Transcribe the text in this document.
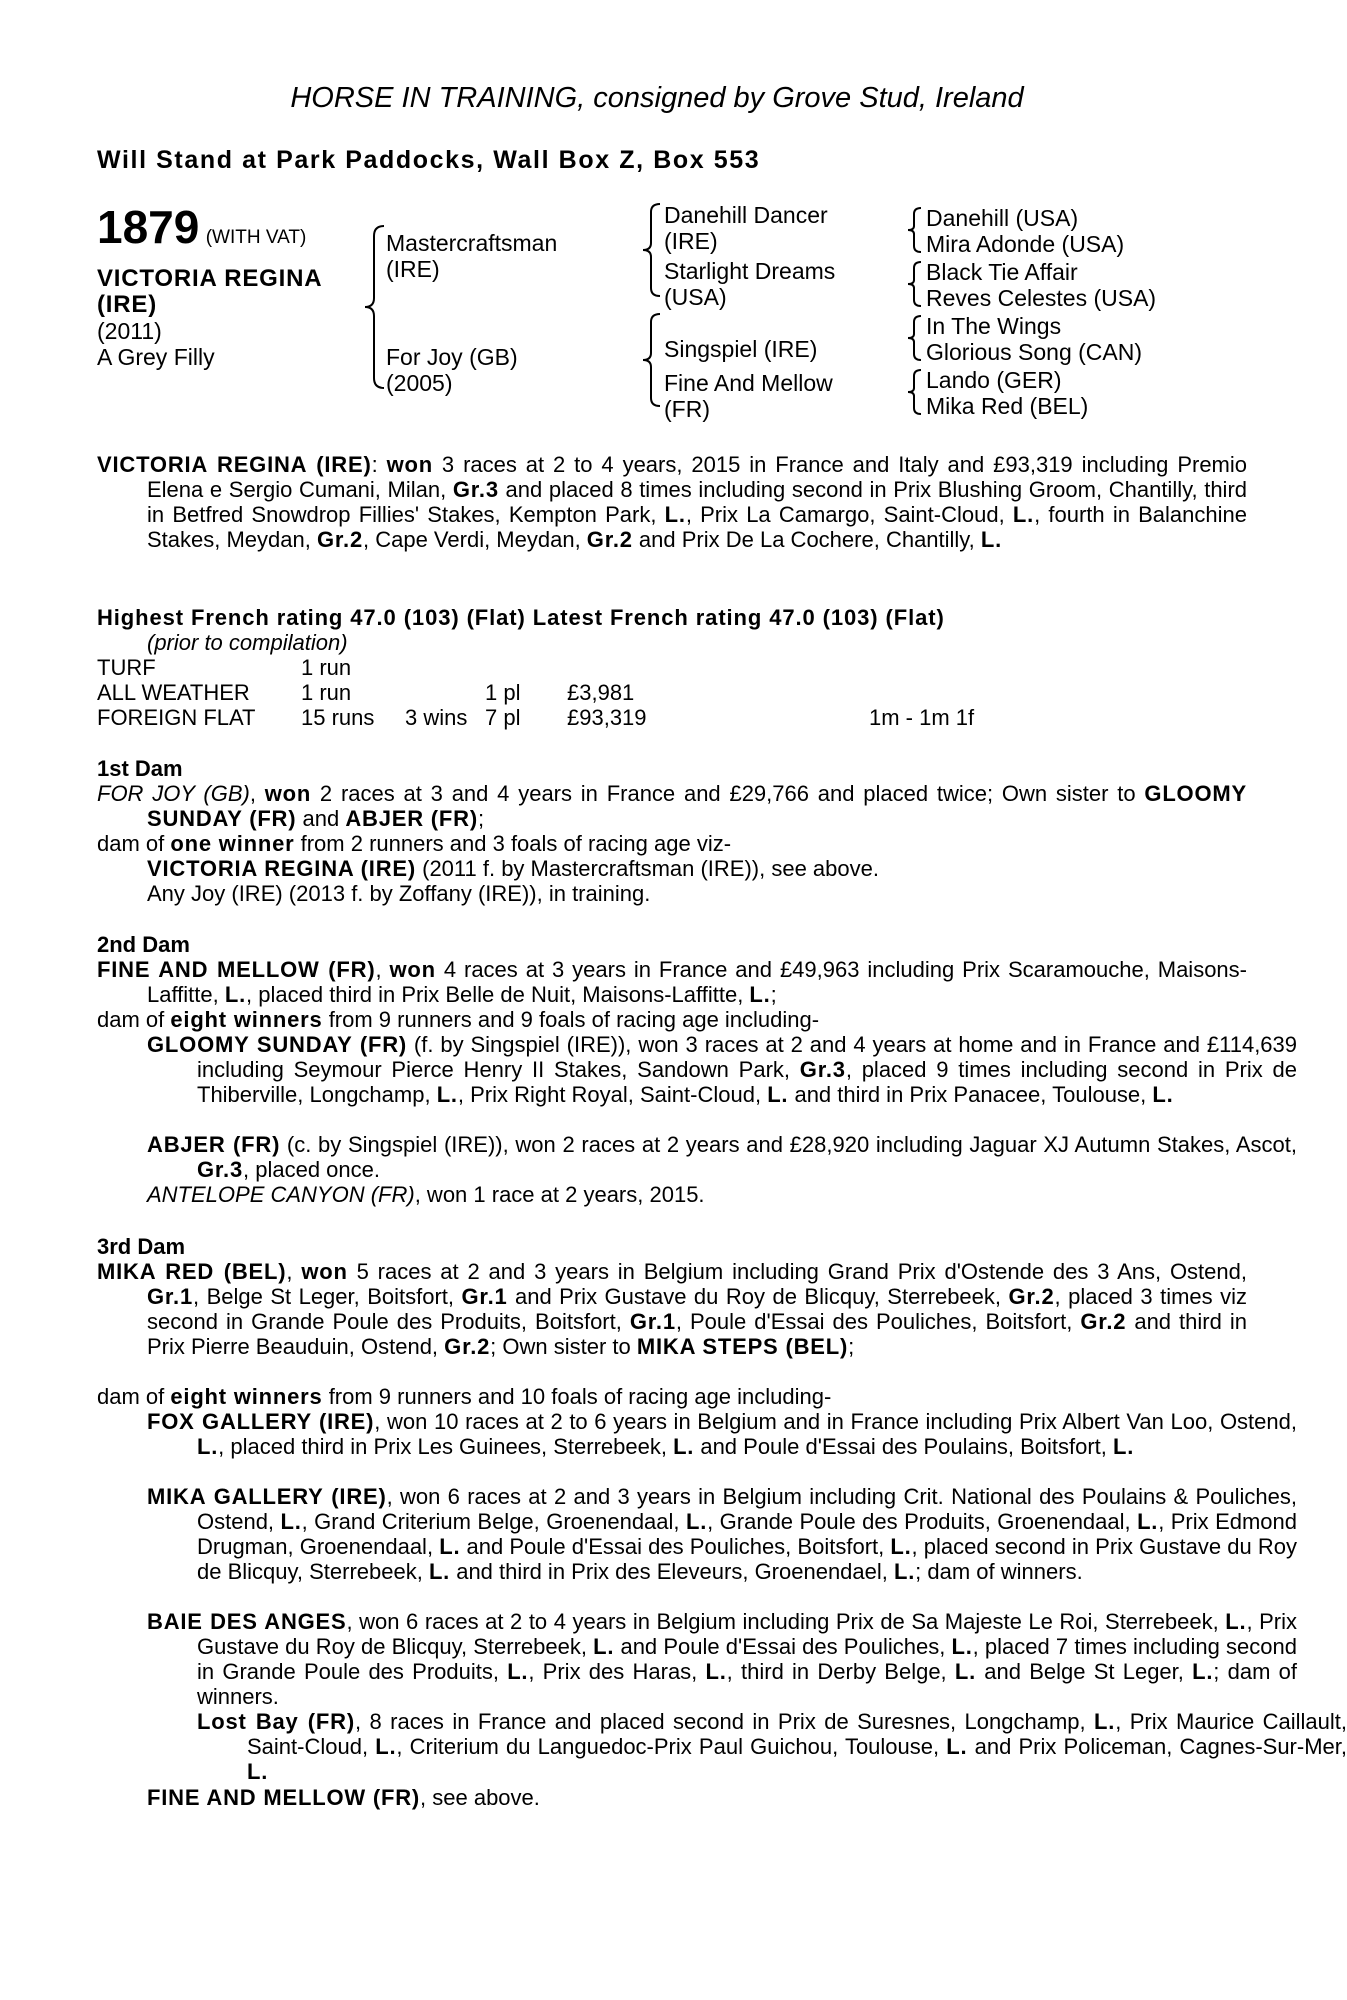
HORSE IN TRAINING, consigned by Grove Stud, Ireland
Will Stand at Park Paddocks, Wall Box Z, Box 553
1879 (WITH VAT)
VICTORIA REGINA
(IRE)
(2011)
A Grey Filly
Mastercraftsman
(IRE)
For Joy (GB)
(2005)
Danehill Dancer
(IRE)
Starlight Dreams
(USA)
Singspiel (IRE)
Fine And Mellow
(FR)
Danehill (USA)
Mira Adonde (USA)
Black Tie Affair
Reves Celestes (USA)
In The Wings
Glorious Song (CAN)
Lando (GER)
Mika Red (BEL)
VICTORIA REGINA (IRE): won 3 races at 2 to 4 years, 2015 in France and Italy and £93,319 including Premio Elena e Sergio Cumani, Milan, Gr.3 and placed 8 times including second in Prix Blushing Groom, Chantilly, third in Betfred Snowdrop Fillies' Stakes, Kempton Park, L., Prix La Camargo, Saint-Cloud, L., fourth in Balanchine Stakes, Meydan, Gr.2, Cape Verdi, Meydan, Gr.2 and Prix De La Cochere, Chantilly, L.
Highest French rating 47.0 (103) (Flat) Latest French rating 47.0 (103) (Flat)
(prior to compilation)
TURF	1 run				
ALL WEATHER	1 run		1 pl	£3,981	
FOREIGN FLAT	15 runs	3 wins	7 pl	£93,319	1m - 1m 1f
1st Dam
FOR JOY (GB), won 2 races at 3 and 4 years in France and £29,766 and placed twice; Own sister to GLOOMY SUNDAY (FR) and ABJER (FR);
dam of one winner from 2 runners and 3 foals of racing age viz-
VICTORIA REGINA (IRE) (2011 f. by Mastercraftsman (IRE)), see above.
Any Joy (IRE) (2013 f. by Zoffany (IRE)), in training.
2nd Dam
FINE AND MELLOW (FR), won 4 races at 3 years in France and £49,963 including Prix Scaramouche, Maisons-Laffitte, L., placed third in Prix Belle de Nuit, Maisons-Laffitte, L.;
dam of eight winners from 9 runners and 9 foals of racing age including-
GLOOMY SUNDAY (FR) (f. by Singspiel (IRE)), won 3 races at 2 and 4 years at home and in France and £114,639 including Seymour Pierce Henry II Stakes, Sandown Park, Gr.3, placed 9 times including second in Prix de Thiberville, Longchamp, L., Prix Right Royal, Saint-Cloud, L. and third in Prix Panacee, Toulouse, L.
ABJER (FR) (c. by Singspiel (IRE)), won 2 races at 2 years and £28,920 including Jaguar XJ Autumn Stakes, Ascot, Gr.3, placed once.
ANTELOPE CANYON (FR), won 1 race at 2 years, 2015.
3rd Dam
MIKA RED (BEL), won 5 races at 2 and 3 years in Belgium including Grand Prix d'Ostende des 3 Ans, Ostend, Gr.1, Belge St Leger, Boitsfort, Gr.1 and Prix Gustave du Roy de Blicquy, Sterrebeek, Gr.2, placed 3 times viz second in Grande Poule des Produits, Boitsfort, Gr.1, Poule d'Essai des Pouliches, Boitsfort, Gr.2 and third in Prix Pierre Beauduin, Ostend, Gr.2; Own sister to MIKA STEPS (BEL);
dam of eight winners from 9 runners and 10 foals of racing age including-
FOX GALLERY (IRE), won 10 races at 2 to 6 years in Belgium and in France including Prix Albert Van Loo, Ostend, L., placed third in Prix Les Guinees, Sterrebeek, L. and Poule d'Essai des Poulains, Boitsfort, L.
MIKA GALLERY (IRE), won 6 races at 2 and 3 years in Belgium including Crit. National des Poulains & Pouliches, Ostend, L., Grand Criterium Belge, Groenendaal, L., Grande Poule des Produits, Groenendaal, L., Prix Edmond Drugman, Groenendaal, L. and Poule d'Essai des Pouliches, Boitsfort, L., placed second in Prix Gustave du Roy de Blicquy, Sterrebeek, L. and third in Prix des Eleveurs, Groenendael, L.; dam of winners.
BAIE DES ANGES, won 6 races at 2 to 4 years in Belgium including Prix de Sa Majeste Le Roi, Sterrebeek, L., Prix Gustave du Roy de Blicquy, Sterrebeek, L. and Poule d'Essai des Pouliches, L., placed 7 times including second in Grande Poule des Produits, L., Prix des Haras, L., third in Derby Belge, L. and Belge St Leger, L.; dam of winners.
Lost Bay (FR), 8 races in France and placed second in Prix de Suresnes, Longchamp, L., Prix Maurice Caillault, Saint-Cloud, L., Criterium du Languedoc-Prix Paul Guichou, Toulouse, L. and Prix Policeman, Cagnes-Sur-Mer, L.
FINE AND MELLOW (FR), see above.
